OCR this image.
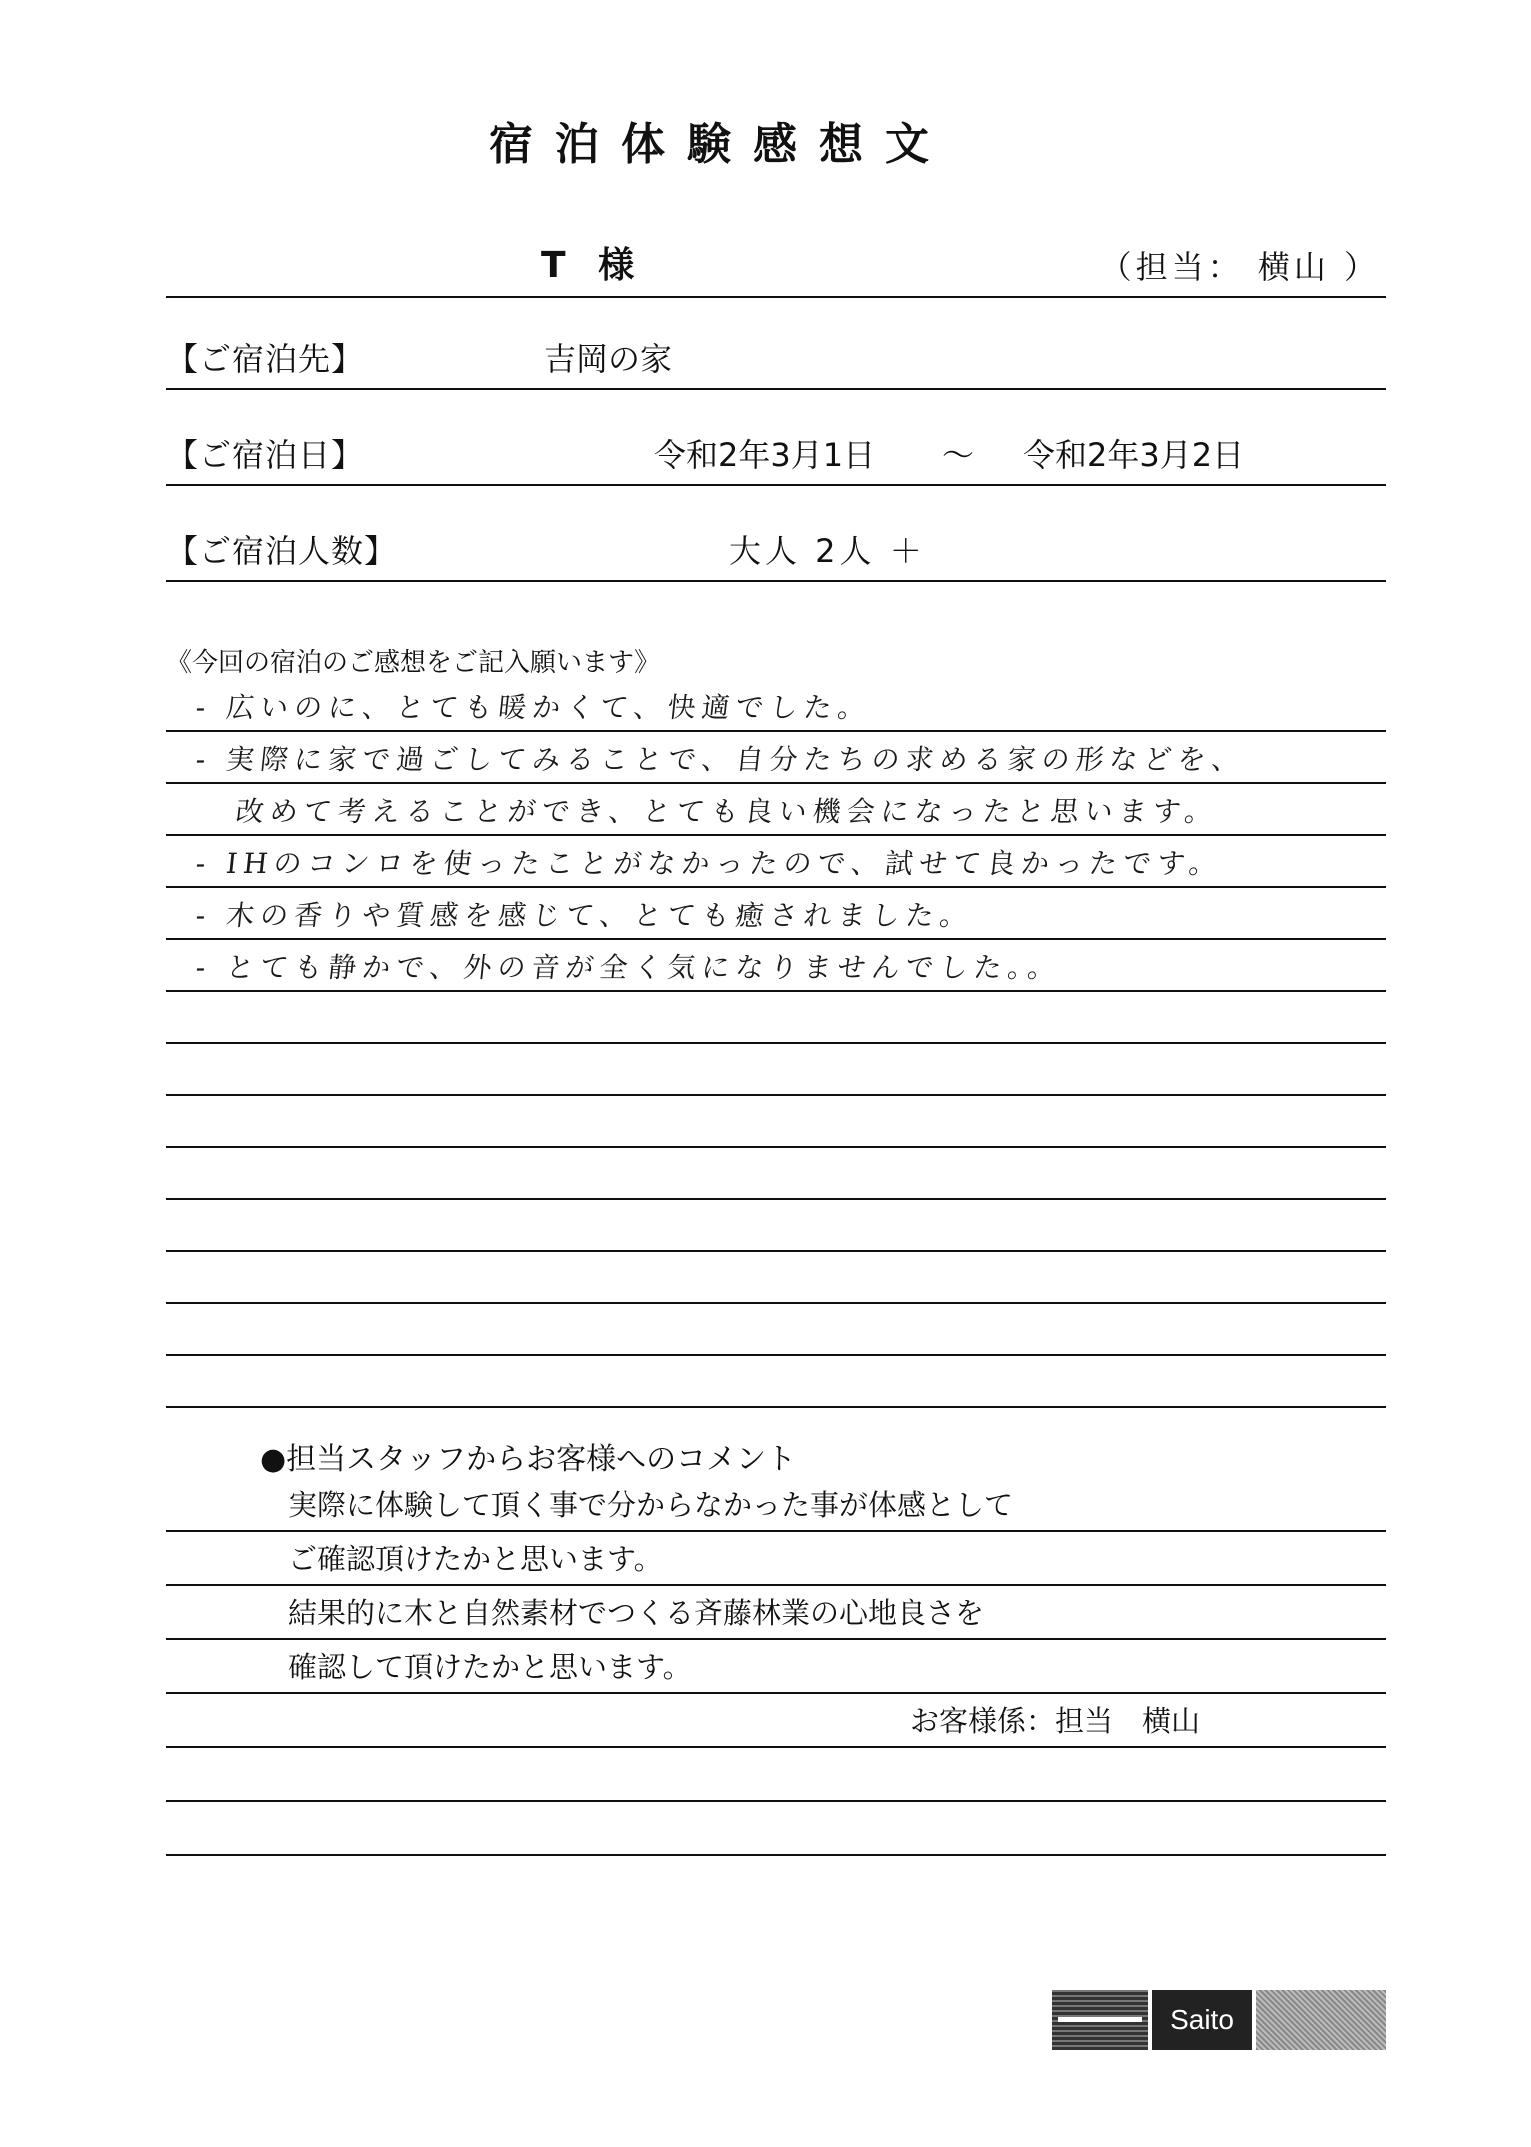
宿泊体験感想文
T 様	（担当： 横山 ）
【ご宿泊先】	吉岡の家
【ご宿泊日】	令和2年3月1日 ～ 令和2年3月2日
【ご宿泊人数】	大人 2人 ＋
《今回の宿泊のご感想をご記入願います》
- 広いのに、とても暖かくて、快適でした。
- 実際に家で過ごしてみることで、自分たちの求める家の形などを、
改めて考えることができ、とても良い機会になったと思います。
- IHのコンロを使ったことがなかったので、試せて良かったです。
- 木の香りや質感を感じて、とても癒されました。
- とても静かで、外の音が全く気になりませんでした。。
●担当スタッフからお客様へのコメント
実際に体験して頂く事で分からなかった事が体感として
ご確認頂けたかと思います。
結果的に木と自然素材でつくる斉藤林業の心地良さを
確認して頂けたかと思います。
お客様係：担当　横山
Saito
